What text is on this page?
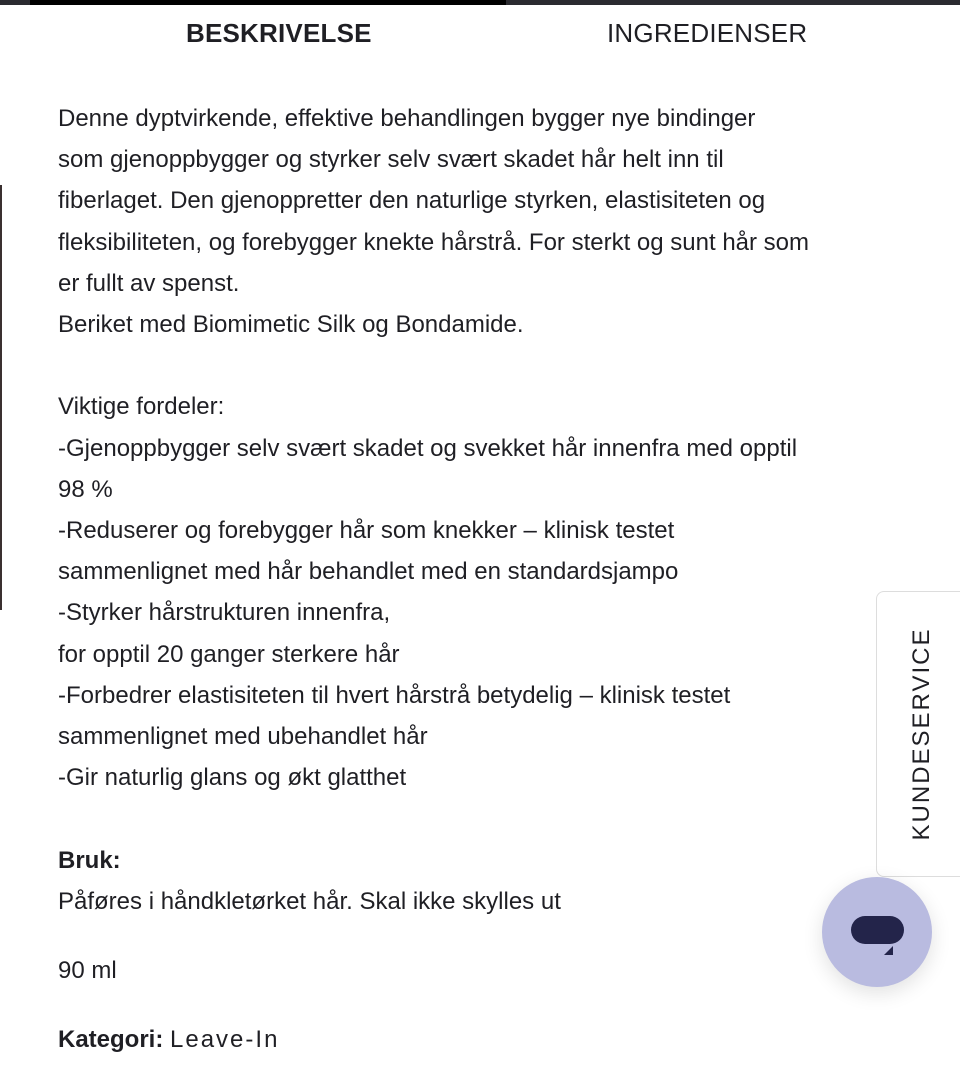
BESKRIVELSE	INGREDIENSER

Denne dyptvirkende, effektive behandlingen bygger nye bindinger

som gjenoppbygger og styrker selv svært skadet hår helt inn til

fiberlaget. Den gjenoppretter den naturlige styrken, elastisiteten og

fleksibiliteten, og forebygger knekte hårstrå. For sterkt og sunt hår som

er fullt av spenst.

Beriket med Biomimetic Silk og Bondamide.

Viktige fordeler:

-Gjenoppbygger selv svært skadet og svekket hår innenfra med opptil

98 %

-Reduserer og forebygger hår som knekker – klinisk testet

sammenlignet med hår behandlet med en standardsjampo

-Styrker hårstrukturen innenfra,

for opptil 20 ganger sterkere hår

-Forbedrer elastisiteten til hvert hårstrå betydelig – klinisk testet

sammenlignet med ubehandlet hår

-Gir naturlig glans og økt glatthet

Bruk:

Påføres i håndkletørket hår. Skal ikke skylles ut

90 ml

Kategori: Leave-In

KUNDESERVICE
